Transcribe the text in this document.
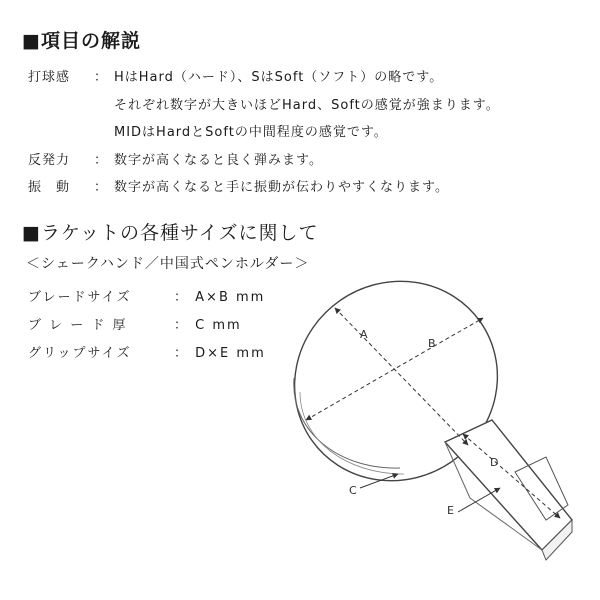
■項目の解説
打球感 ： HはHard（ハード）、SはSoft（ソフト）の略です。
それぞれ数字が大きいほどHard、Softの感覚が強まります。
MIDはHardとSoftの中間程度の感覚です。
反発力 ： 数字が高くなると良く弾みます。
振　動 ： 数字が高くなると手に振動が伝わりやすくなります。
■ラケットの各種サイズに関して
＜シェークハンド／中国式ペンホルダー＞
ブレードサイズ	： A×B mm
ブ レ ー ド 厚	： C mm
グリップサイズ	： D×E mm
A
B
C
D
E
